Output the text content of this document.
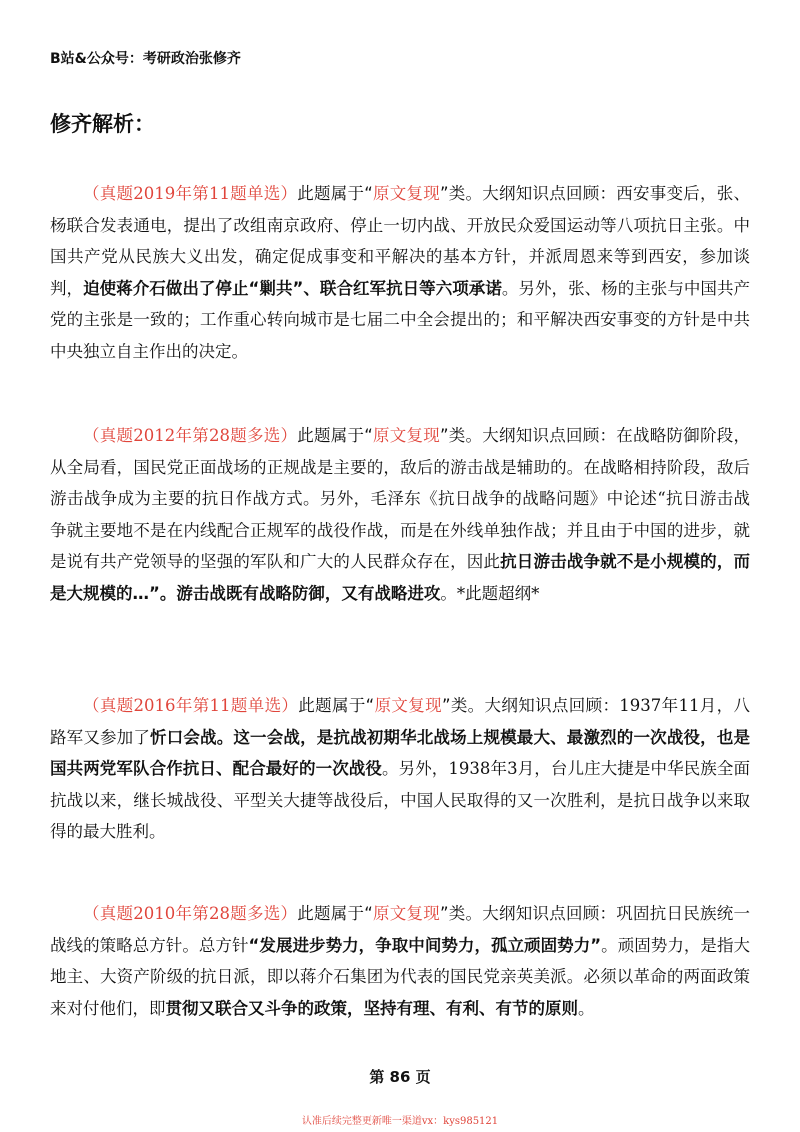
B站&公众号：考研政治张修齐
修齐解析：
（真题2019年第11题单选）此题属于“原文复现”类。大纲知识点回顾：西安事变后，张、杨联合发表通电，提出了改组南京政府、停止一切内战、开放民众爱国运动等八项抗日主张。中国共产党从民族大义出发，确定促成事变和平解决的基本方针，并派周恩来等到西安，参加谈判，迫使蒋介石做出了停止“剿共”、联合红军抗日等六项承诺。另外，张、杨的主张与中国共产党的主张是一致的；工作重心转向城市是七届二中全会提出的；和平解决西安事变的方针是中共中央独立自主作出的决定。
（真题2012年第28题多选）此题属于“原文复现”类。大纲知识点回顾：在战略防御阶段，从全局看，国民党正面战场的正规战是主要的，敌后的游击战是辅助的。在战略相持阶段，敌后游击战争成为主要的抗日作战方式。另外，毛泽东《抗日战争的战略问题》中论述“抗日游击战争就主要地不是在内线配合正规军的战役作战，而是在外线单独作战；并且由于中国的进步，就是说有共产党领导的坚强的军队和广大的人民群众存在，因此抗日游击战争就不是小规模的，而是大规模的…”。游击战既有战略防御，又有战略进攻。*此题超纲*
（真题2016年第11题单选）此题属于“原文复现”类。大纲知识点回顾：1937年11月，八路军又参加了忻口会战。这一会战，是抗战初期华北战场上规模最大、最激烈的一次战役，也是国共两党军队合作抗日、配合最好的一次战役。另外，1938年3月，台儿庄大捷是中华民族全面抗战以来，继长城战役、平型关大捷等战役后，中国人民取得的又一次胜利，是抗日战争以来取得的最大胜利。
（真题2010年第28题多选）此题属于“原文复现”类。大纲知识点回顾：巩固抗日民族统一战线的策略总方针。总方针“发展进步势力，争取中间势力，孤立顽固势力”。顽固势力，是指大地主、大资产阶级的抗日派，即以蒋介石集团为代表的国民党亲英美派。必须以革命的两面政策来对付他们，即贯彻又联合又斗争的政策，坚持有理、有利、有节的原则。
第 86 页
认准后续完整更新唯一渠道vx：kys985121
